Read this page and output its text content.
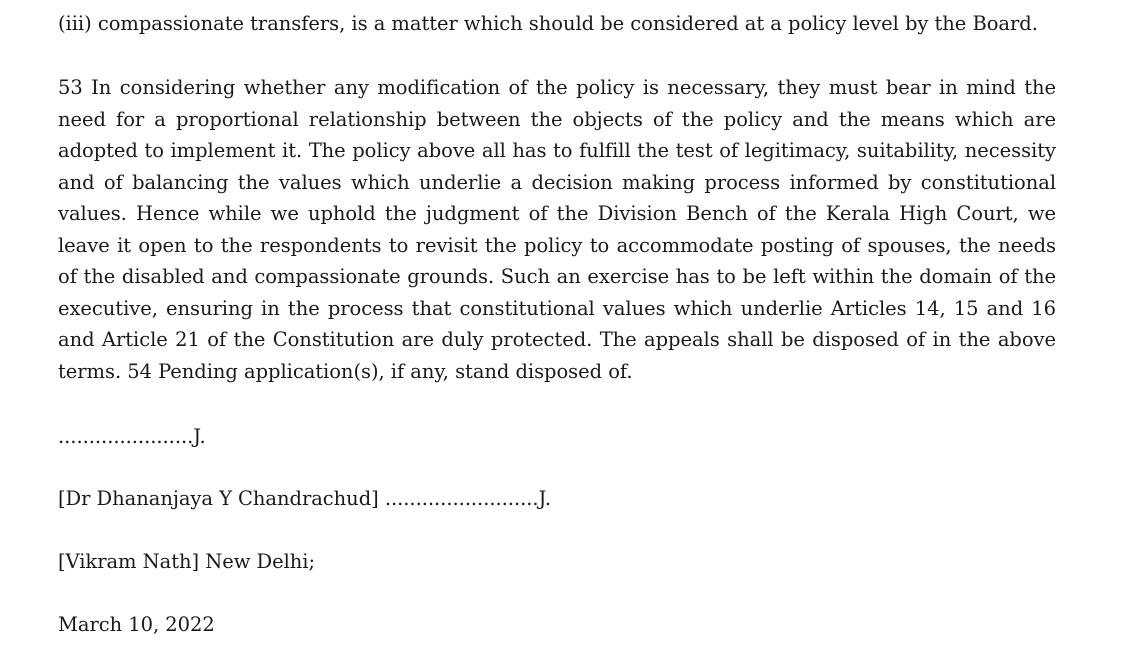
(iii) compassionate transfers, is a matter which should be considered at a policy level by the Board.
53 In considering whether any modification of the policy is necessary, they must bear in mind the
need for a proportional relationship between the objects of the policy and the means which are
adopted to implement it. The policy above all has to fulfill the test of legitimacy, suitability, necessity
and of balancing the values which underlie a decision making process informed by constitutional
values. Hence while we uphold the judgment of the Division Bench of the Kerala High Court, we
leave it open to the respondents to revisit the policy to accommodate posting of spouses, the needs
of the disabled and compassionate grounds. Such an exercise has to be left within the domain of the
executive, ensuring in the process that constitutional values which underlie Articles 14, 15 and 16
and Article 21 of the Constitution are duly protected. The appeals shall be disposed of in the above
terms. 54 Pending application(s), if any, stand disposed of.
......................J.
[Dr Dhananjaya Y Chandrachud] .........................J.
[Vikram Nath] New Delhi;
March 10, 2022
